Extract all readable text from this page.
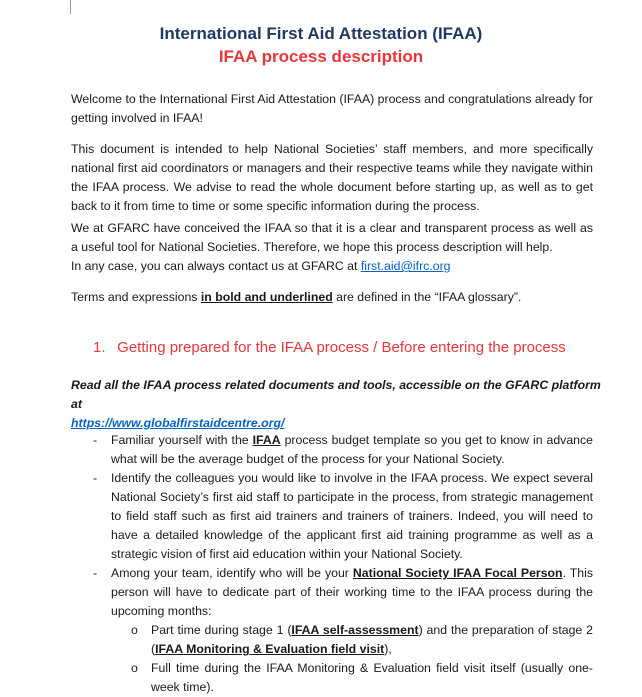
International First Aid Attestation (IFAA)
IFAA process description

Welcome to the International First Aid Attestation (IFAA) process and congratulations already for getting involved in IFAA!

This document is intended to help National Societies’ staff members, and more specifically national first aid coordinators or managers and their respective teams while they navigate within the IFAA process. We advise to read the whole document before starting up, as well as to get back to it from time to time or some specific information during the process.

We at GFARC have conceived the IFAA so that it is a clear and transparent process as well as a useful tool for National Societies. Therefore, we hope this process description will help.

In any case, you can always contact us at GFARC at first.aid@ifrc.org

Terms and expressions in bold and underlined are defined in the “IFAA glossary”.

1. Getting prepared for the IFAA process / Before entering the process

Read all the IFAA process related documents and tools, accessible on the GFARC platform at
https://www.globalfirstaidcentre.org/

- Familiar yourself with the IFAA process budget template so you get to know in advance what will be the average budget of the process for your National Society.
- Identify the colleagues you would like to involve in the IFAA process. We expect several National Society’s first aid staff to participate in the process, from strategic management to field staff such as first aid trainers and trainers of trainers. Indeed, you will need to have a detailed knowledge of the applicant first aid training programme as well as a strategic vision of first aid education within your National Society.
- Among your team, identify who will be your National Society IFAA Focal Person. This person will have to dedicate part of their working time to the IFAA process during the upcoming months:
o Part time during stage 1 (IFAA self-assessment) and the preparation of stage 2 (IFAA Monitoring & Evaluation field visit),
o Full time during the IFAA Monitoring & Evaluation field visit itself (usually one-week time).
